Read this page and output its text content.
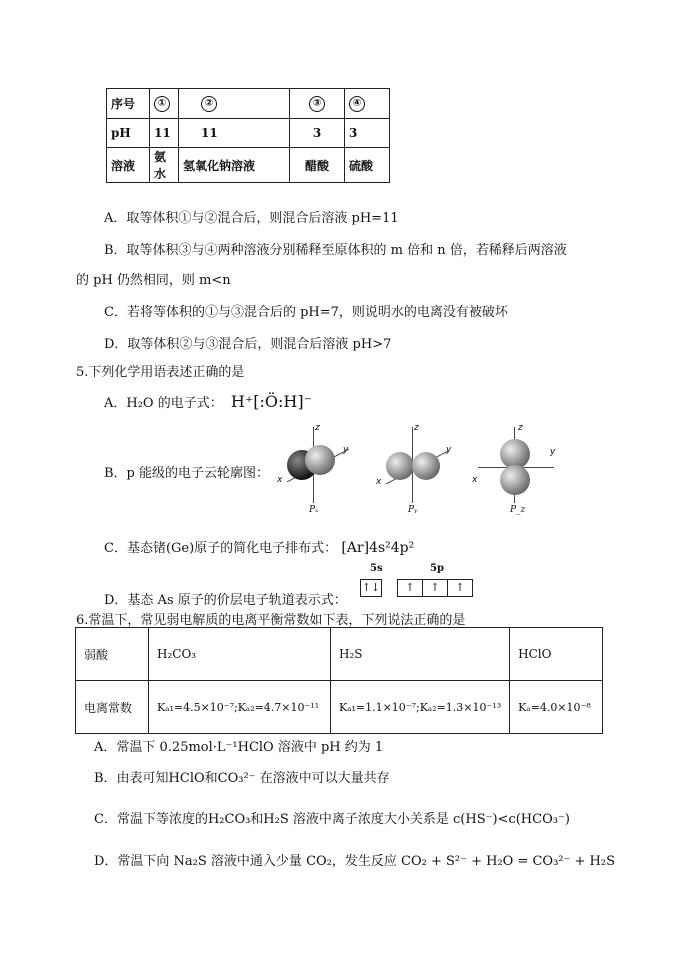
序号	①	②	③	④
pH	11	11	3	3
溶液	氨水	氢氧化钠溶液	醋酸	硫酸
A．取等体积①与②混合后，则混合后溶液 pH=11
B．取等体积③与④两种溶液分别稀释至原体积的 m 倍和 n 倍，若稀释后两溶液
的 pH 仍然相同，则 m<n
C．若将等体积的①与③混合后的 pH=7，则说明水的电离没有被破坏
D．取等体积②与③混合后，则混合后溶液 pH>7
5.下列化学用语表述正确的是
A．H₂O 的电子式： H⁺[:Ö:H]⁻
B．p 能级的电子云轮廓图：
z
y
x
Pₓ
z
y
x
Pᵧ
z
y
x
P_z
C．基态锗(Ge)原子的简化电子排布式： [Ar]4s²4p²
D．基态 As 原子的价层电子轨道表示式：
5s	5p
↑↓	↑ ↑ ↑
6.常温下，常见弱电解质的电离平衡常数如下表，下列说法正确的是
弱酸	H₂CO₃	H₂S	HClO
电离常数	Kₐ₁=4.5×10⁻⁷;Kₐ₂=4.7×10⁻¹¹	Kₐ₁=1.1×10⁻⁷;Kₐ₂=1.3×10⁻¹³	Kₐ=4.0×10⁻⁸
A．常温下 0.25mol·L⁻¹HClO 溶液中 pH 约为 1
B．由表可知HClO和CO₃²⁻ 在溶液中可以大量共存
C．常温下等浓度的H₂CO₃和H₂S 溶液中离子浓度大小关系是 c(HS⁻)<c(HCO₃⁻)
D．常温下向 Na₂S 溶液中通入少量 CO₂，发生反应 CO₂ + S²⁻ + H₂O = CO₃²⁻ + H₂S
